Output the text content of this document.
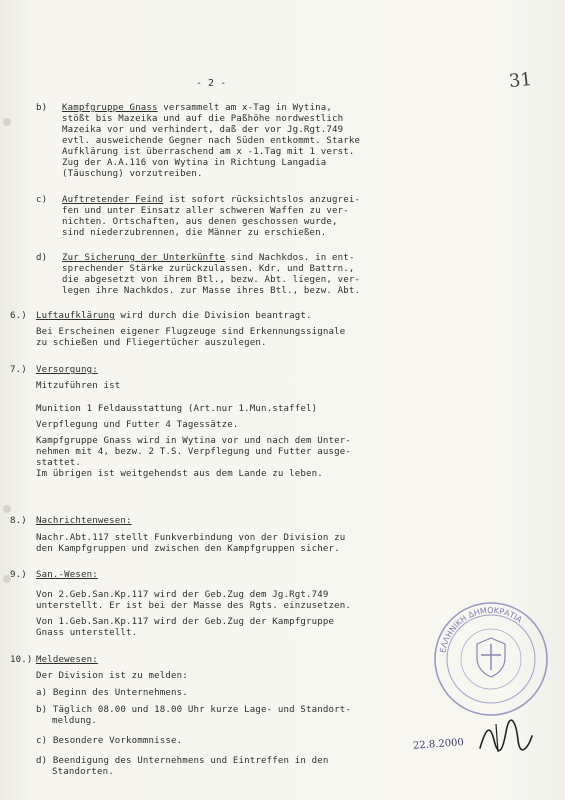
- 2 -	31
b) Kampfgruppe Gnass versammelt am x-Tag in Wytina,
stößt bis Mazeika und auf die Paßhöhe nordwestlich
Mazeika vor und verhindert, daß der vor Jg.Rgt.749
evtl. ausweichende Gegner nach Süden entkommt. Starke
Aufklärung ist überraschend am x -1.Tag mit 1 verst.
Zug der A.A.116 von Wytina in Richtung Langadia
(Täuschung) vorzutreiben.
c) Auftretender Feind ist sofort rücksichtslos anzugrei-
fen und unter Einsatz aller schweren Waffen zu ver-
nichten. Ortschaften, aus denen geschossen wurde,
sind niederzubrennen, die Männer zu erschießen.
d) Zur Sicherung der Unterkünfte sind Nachkdos. in ent-
sprechender Stärke zurückzulassen. Kdr. und Battrn.,
die abgesetzt von ihrem Btl., bezw. Abt. liegen, ver-
legen ihre Nachkdos. zur Masse ihres Btl., bezw. Abt.
6.) Luftaufklärung wird durch die Division beantragt.
Bei Erscheinen eigener Flugzeuge sind Erkennungssignale
zu schießen und Fliegertücher auszulegen.
7.) Versorgung:
Mitzuführen ist
Munition 1 Feldausstattung (Art.nur 1.Mun.staffel)
Verpflegung und Futter 4 Tagessätze.
Kampfgruppe Gnass wird in Wytina vor und nach dem Unter-
nehmen mit 4, bezw. 2 T.S. Verpflegung und Futter ausge-
stattet.
Im übrigen ist weitgehendst aus dem Lande zu leben.
8.) Nachrichtenwesen:
Nachr.Abt.117 stellt Funkverbindung von der Division zu
den Kampfgruppen und zwischen den Kampfgruppen sicher.
9.) San.-Wesen:
Von 2.Geb.San.Kp.117 wird der Geb.Zug dem Jg.Rgt.749
unterstellt. Er ist bei der Masse des Rgts. einzusetzen.
Von 1.Geb.San.Kp.117 wird der Geb.Zug der Kampfgruppe
Gnass unterstellt.
10.) Meldewesen:
Der Division ist zu melden:
a) Beginn des Unternehmens.
b) Täglich 08.00 und 18.00 Uhr kurze Lage- und Standort-
meldung.
c) Besondere Vorkommnisse.
d) Beendigung des Unternehmens und Eintreffen in den
Standorten.
ΕΛΛΗΝΙΚΗ ΔΗΜΟΚΡΑΤΙΑ
22.8.2000
